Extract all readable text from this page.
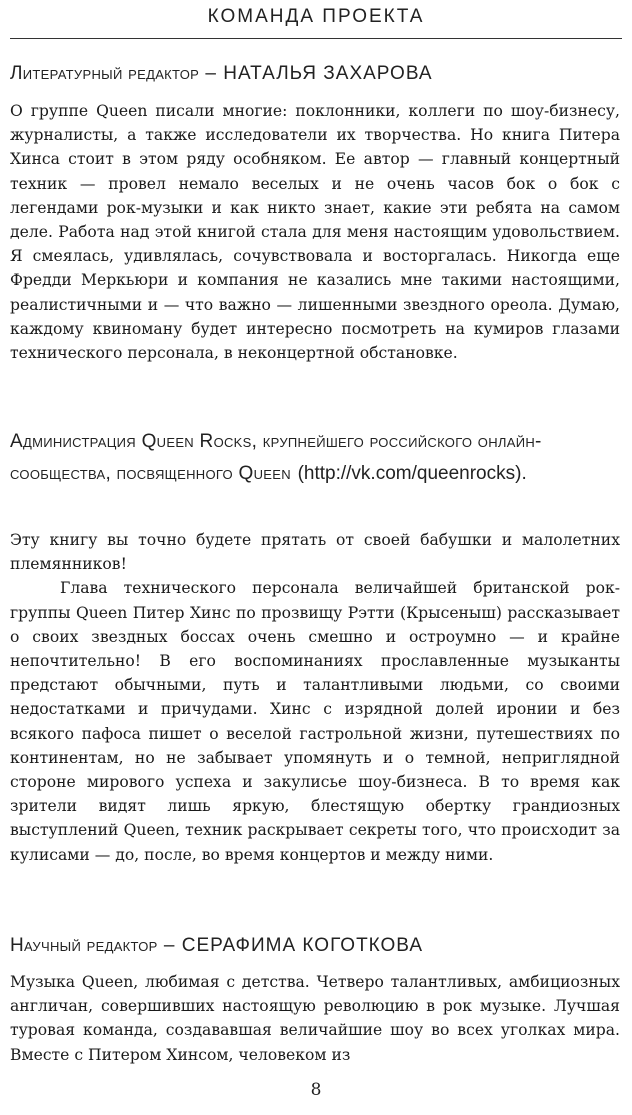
КОМАНДА ПРОЕКТА
Литературный редактор – НАТАЛЬЯ ЗАХАРОВА

О группе Queen писали многие: поклонники, коллеги по шоу-бизнесу, журналисты, а также исследователи их творчества. Но книга Питера Хинса стоит в этом ряду особняком. Ее автор — главный концертный техник — провел немало веселых и не очень часов бок о бок с легендами рок-музыки и как никто знает, какие эти ребята на самом деле. Работа над этой книгой стала для меня настоящим удовольствием. Я смеялась, удивлялась, сочувствовала и восторгалась. Никогда еще Фредди Меркьюри и компания не казались мне такими настоящими, реалистичными и — что важно — лишенными звездного ореола. Думаю, каждому квиноману будет интересно посмотреть на кумиров глазами технического персонала, в неконцертной обстановке.

Администрация Queen Rocks, крупнейшего российского онлайн-сообщества, посвященного Queen (http://vk.com/queenrocks).

Эту книгу вы точно будете прятать от своей бабушки и малолетних племянников!

Глава технического персонала величайшей британской рок-группы Queen Питер Хинс по прозвищу Рэтти (Крысеныш) рассказывает о своих звездных боссах очень смешно и остроумно — и крайне непочтительно! В его воспоминаниях прославленные музыканты предстают обычными, путь и талантливыми людьми, со своими недостатками и причудами. Хинс с изрядной долей иронии и без всякого пафоса пишет о веселой гастрольной жизни, путешествиях по континентам, но не забывает упомянуть и о темной, неприглядной стороне мирового успеха и закулисье шоу-бизнеса. В то время как зрители видят лишь яркую, блестящую обертку грандиозных выступлений Queen, техник раскрывает секреты того, что происходит за кулисами — до, после, во время концертов и между ними.

Научный редактор – СЕРАФИМА КОГОТКОВА

Музыка Queen, любимая с детства. Четверо талантливых, амбициозных англичан, совершивших настоящую революцию в рок музыке. Лучшая туровая команда, создававшая величайшие шоу во всех уголках мира. Вместе с Питером Хинсом, человеком из

8
